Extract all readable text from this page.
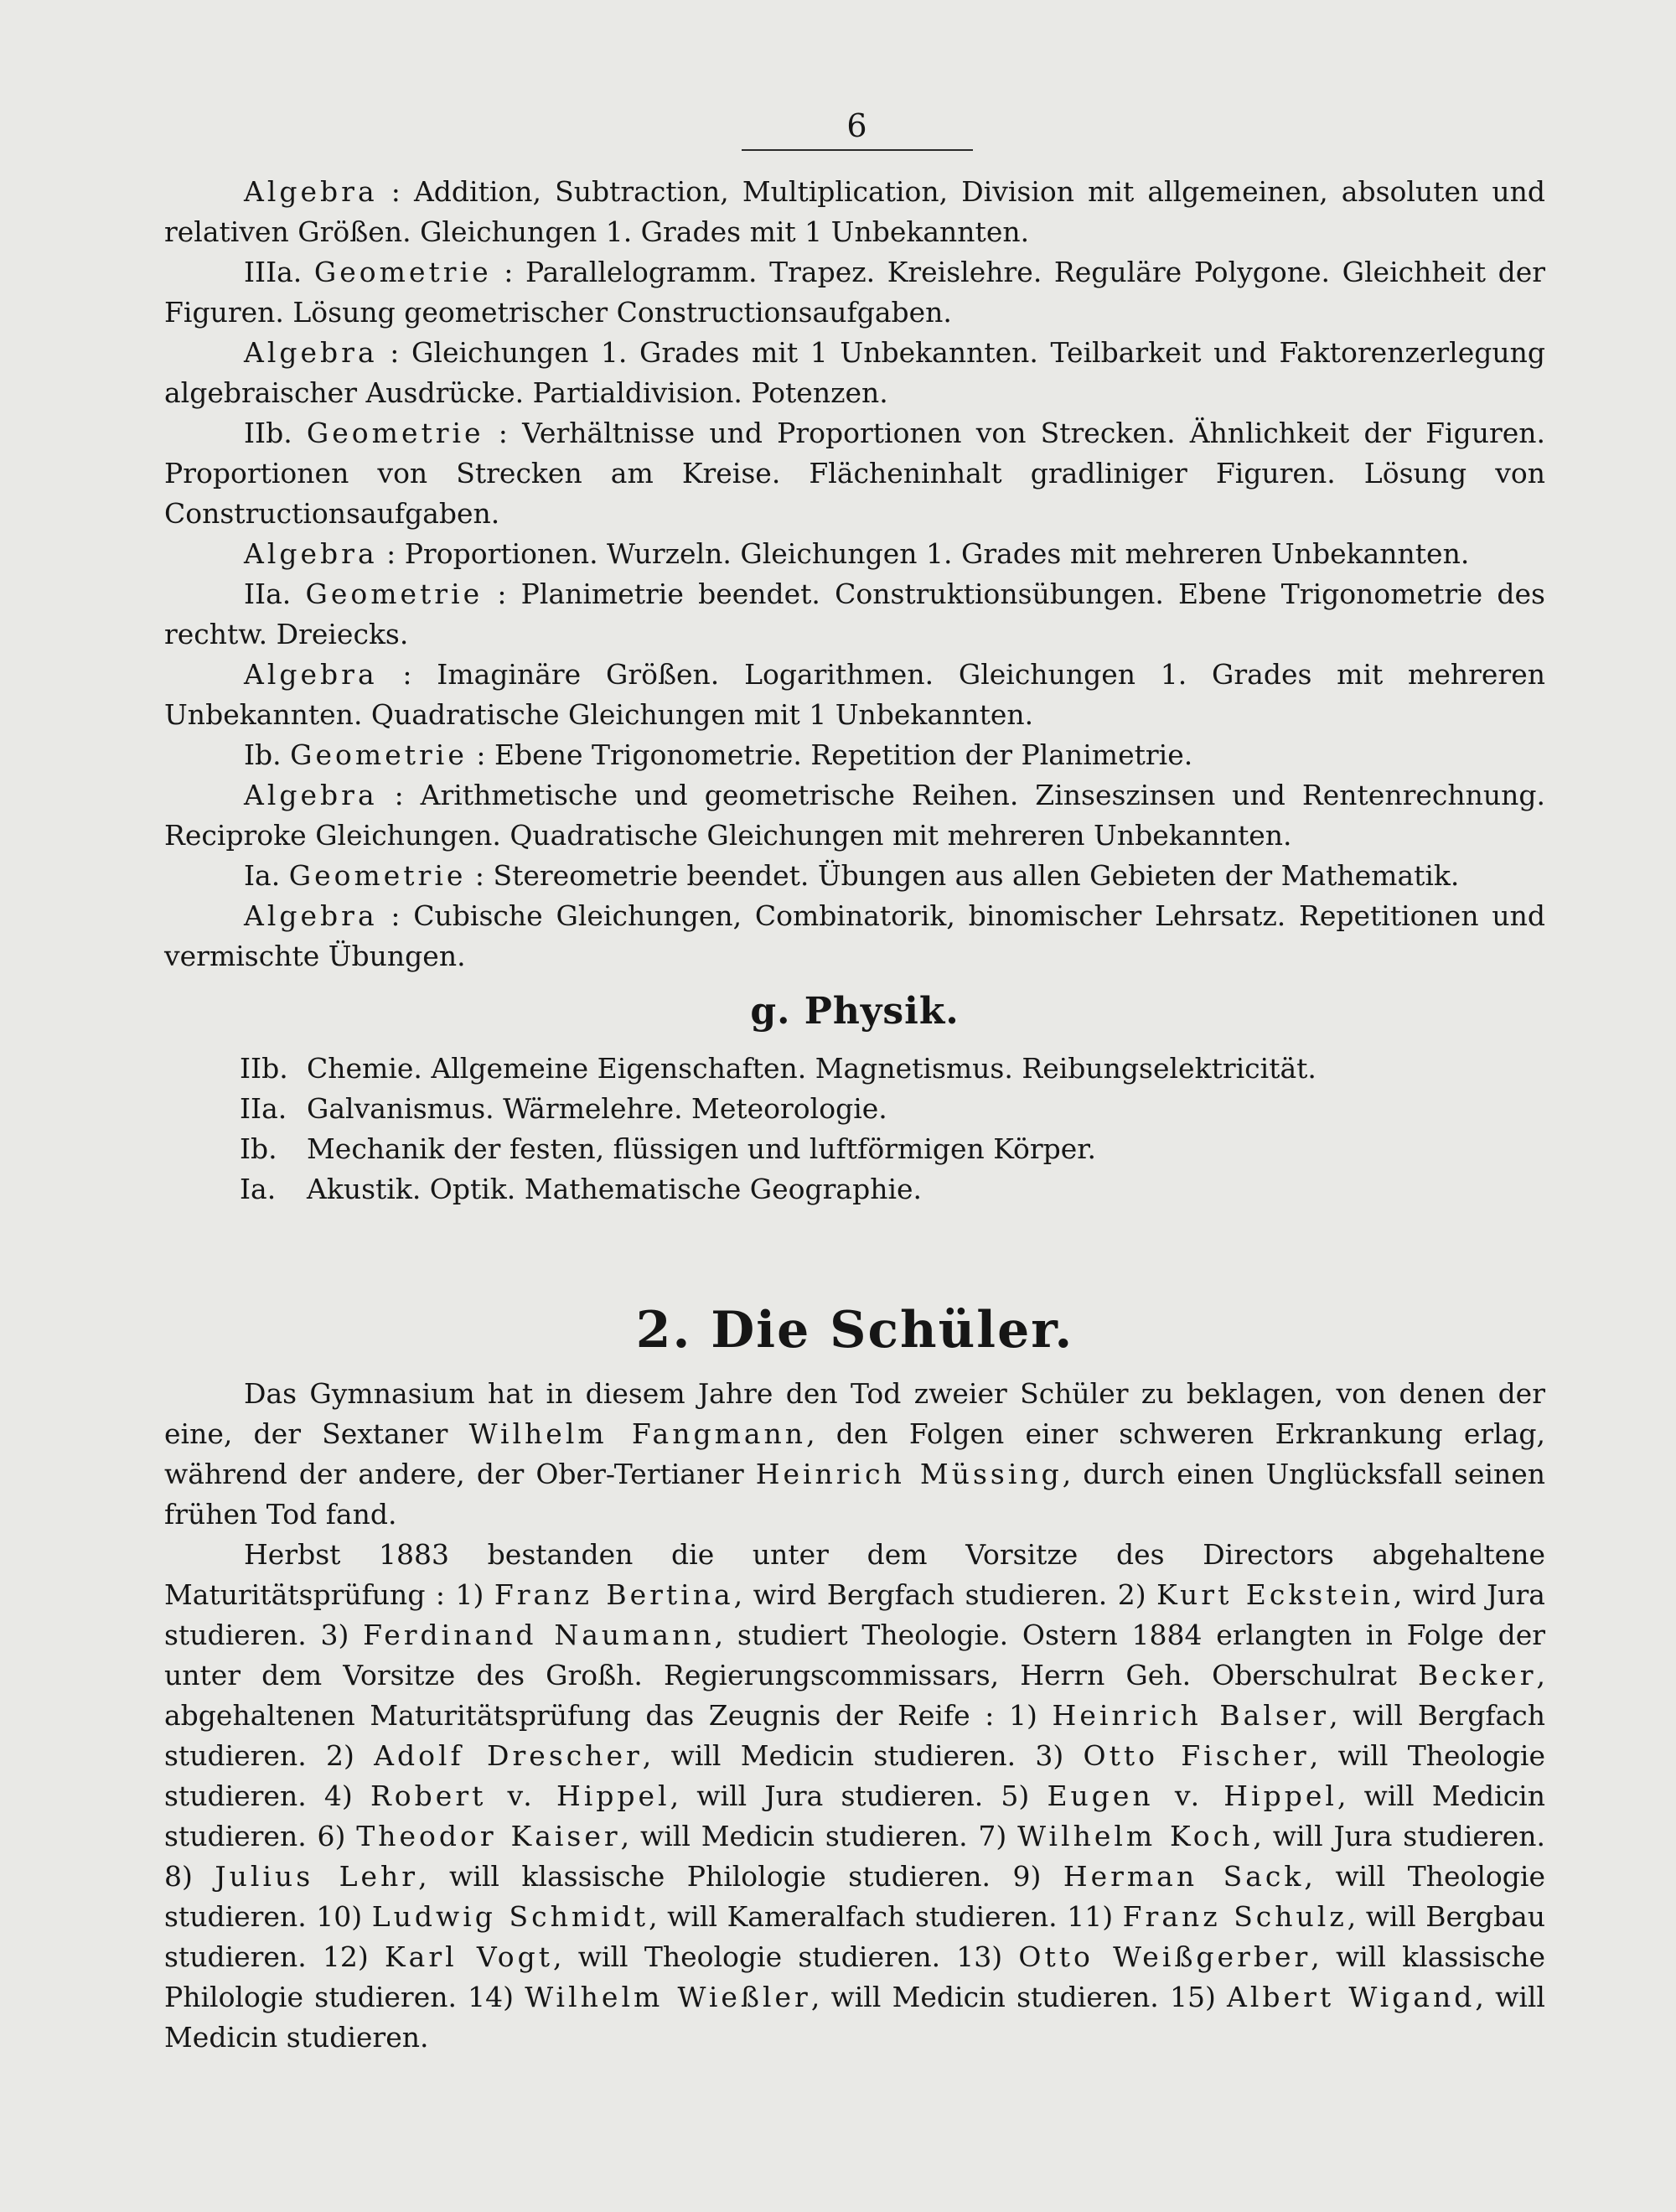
6

Algebra : Addition, Subtraction, Multiplication, Division mit allgemeinen, absoluten und relativen Größen. Gleichungen 1. Grades mit 1 Unbekannten.

IIIa. Geometrie : Parallelogramm. Trapez. Kreislehre. Reguläre Polygone. Gleichheit der Figuren. Lösung geometrischer Constructionsaufgaben.

Algebra : Gleichungen 1. Grades mit 1 Unbekannten. Teilbarkeit und Faktorenzerlegung algebraischer Ausdrücke. Partialdivision. Potenzen.

IIb. Geometrie : Verhältnisse und Proportionen von Strecken. Ähnlichkeit der Figuren. Proportionen von Strecken am Kreise. Flächeninhalt gradliniger Figuren. Lösung von Constructionsaufgaben.

Algebra : Proportionen. Wurzeln. Gleichungen 1. Grades mit mehreren Unbekannten.

IIa. Geometrie : Planimetrie beendet. Construktionsübungen. Ebene Trigonometrie des rechtw. Dreiecks.

Algebra : Imaginäre Größen. Logarithmen. Gleichungen 1. Grades mit mehreren Unbekannten. Quadratische Gleichungen mit 1 Unbekannten.

Ib. Geometrie : Ebene Trigonometrie. Repetition der Planimetrie.

Algebra : Arithmetische und geometrische Reihen. Zinseszinsen und Rentenrechnung. Reciproke Gleichungen. Quadratische Gleichungen mit mehreren Unbekannten.

Ia. Geometrie : Stereometrie beendet. Übungen aus allen Gebieten der Mathematik.

Algebra : Cubische Gleichungen, Combinatorik, binomischer Lehrsatz. Repetitionen und vermischte Übungen.

g. Physik.
IIb. Chemie. Allgemeine Eigenschaften. Magnetismus. Reibungselektricität.
IIa. Galvanismus. Wärmelehre. Meteorologie.
Ib. Mechanik der festen, flüssigen und luftförmigen Körper.
Ia. Akustik. Optik. Mathematische Geographie.
2. Die Schüler.

Das Gymnasium hat in diesem Jahre den Tod zweier Schüler zu beklagen, von denen der eine, der Sextaner Wilhelm Fangmann, den Folgen einer schweren Erkrankung erlag, während der andere, der Ober-Tertianer Heinrich Müssing, durch einen Unglücksfall seinen frühen Tod fand.

Herbst 1883 bestanden die unter dem Vorsitze des Directors abgehaltene Maturitätsprüfung : 1) Franz Bertina, wird Bergfach studieren. 2) Kurt Eckstein, wird Jura studieren. 3) Ferdinand Naumann, studiert Theologie. Ostern 1884 erlangten in Folge der unter dem Vorsitze des Großh. Regierungscommissars, Herrn Geh. Oberschulrat Becker, abgehaltenen Maturitätsprüfung das Zeugnis der Reife : 1) Heinrich Balser, will Bergfach studieren. 2) Adolf Drescher, will Medicin studieren. 3) Otto Fischer, will Theologie studieren. 4) Robert v. Hippel, will Jura studieren. 5) Eugen v. Hippel, will Medicin studieren. 6) Theodor Kaiser, will Medicin studieren. 7) Wilhelm Koch, will Jura studieren. 8) Julius Lehr, will klassische Philologie studieren. 9) Herman Sack, will Theologie studieren. 10) Ludwig Schmidt, will Kameralfach studieren. 11) Franz Schulz, will Bergbau studieren. 12) Karl Vogt, will Theologie studieren. 13) Otto Weißgerber, will klassische Philologie studieren. 14) Wilhelm Wießler, will Medicin studieren. 15) Albert Wigand, will Medicin studieren.
